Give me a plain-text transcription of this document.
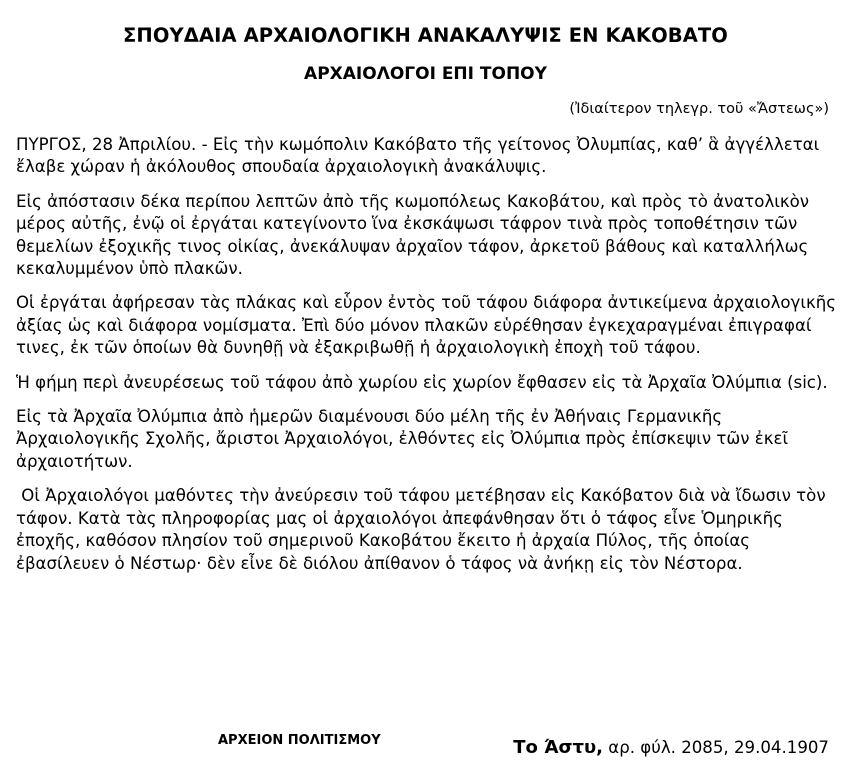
ΣΠΟΥΔΑΙΑ ΑΡΧΑΙΟΛΟΓΙΚΗ ΑΝΑΚΑΛΥΨΙΣ ΕΝ ΚΑΚΟΒΑΤΟ
ΑΡΧΑΙΟΛΟΓΟΙ ΕΠΙ ΤΟΠΟΥ

(Ἰδιαίτερον τηλεγρ. τοῦ «Ἄστεως»)

ΠΥΡΓΟΣ, 28 Ἀπριλίου. - Εἰς τὴν κωμόπολιν Κακόβατο τῆς γείτονος Ὀλυμπίας, καθ’ ἃ ἀγγέλλεται ἔλαβε χώραν ἡ ἀκόλουθος σπουδαία ἀρχαιολογικὴ ἀνακάλυψις.

Εἰς ἀπόστασιν δέκα περίπου λεπτῶν ἀπὸ τῆς κωμοπόλεως Κακοβάτου, καὶ πρὸς τὸ ἀνατολικὸν μέρος αὐτῆς, ἐνῷ οἱ ἐργάται κατεγίνοντο ἵνα ἐκσκάψωσι τάφρον τινὰ πρὸς τοποθέτησιν τῶν θεμελίων ἐξοχικῆς τινος οἰκίας, ἀνεκάλυψαν ἀρχαῖον τάφον, ἀρκετοῦ βάθους καὶ καταλλήλως κεκαλυμμένον ὑπὸ πλακῶν.

Οἱ ἐργάται ἀφήρεσαν τὰς πλάκας καὶ εὗρον ἐντὸς τοῦ τάφου διάφορα ἀντικείμενα ἀρχαιολογικῆς ἀξίας ὡς καὶ διάφορα νομίσματα. Ἐπὶ δύο μόνον πλακῶν εὑρέθησαν ἐγκεχαραγμέναι ἐπιγραφαί τινες, ἐκ τῶν ὁποίων θὰ δυνηθῇ νὰ ἐξακριβωθῇ ἡ ἀρχαιολογικὴ ἐποχὴ τοῦ τάφου.

Ἡ φήμη περὶ ἀνευρέσεως τοῦ τάφου ἀπὸ χωρίου εἰς χωρίον ἔφθασεν εἰς τὰ Ἀρχαῖα Ὀλύμπια (sic).

Εἰς τὰ Ἀρχαῖα Ὀλύμπια ἀπὸ ἡμερῶν διαμένουσι δύο μέλη τῆς ἐν Ἀθήναις Γερμανικῆς Ἀρχαιολογικῆς Σχολῆς, ἄριστοι Ἀρχαιολόγοι, ἐλθόντες εἰς Ὀλύμπια πρὸς ἐπίσκεψιν τῶν ἐκεῖ ἀρχαιοτήτων.

Οἱ Ἀρχαιολόγοι μαθόντες τὴν ἀνεύρεσιν τοῦ τάφου μετέβησαν εἰς Κακόβατον διὰ νὰ ἴδωσιν τὸν τάφον. Κατὰ τὰς πληροφορίας μας οἱ ἀρχαιολόγοι ἀπεφάνθησαν ὅτι ὁ τάφος εἶνε Ὁμηρικῆς ἐποχῆς, καθόσον πλησίον τοῦ σημερινοῦ Κακοβάτου ἔκειτο ἡ ἀρχαία Πύλος, τῆς ὁποίας ἐβασίλευεν ὁ Νέστωρ· δὲν εἶνε δὲ διόλου ἀπίθανον ὁ τάφος νὰ ἀνήκῃ εἰς τὸν Νέστορα.

ΑΡΧΕΙΟΝ ΠΟΛΙΤΙΣΜΟΥ	Το Άστυ, αρ. φύλ. 2085, 29.04.1907
